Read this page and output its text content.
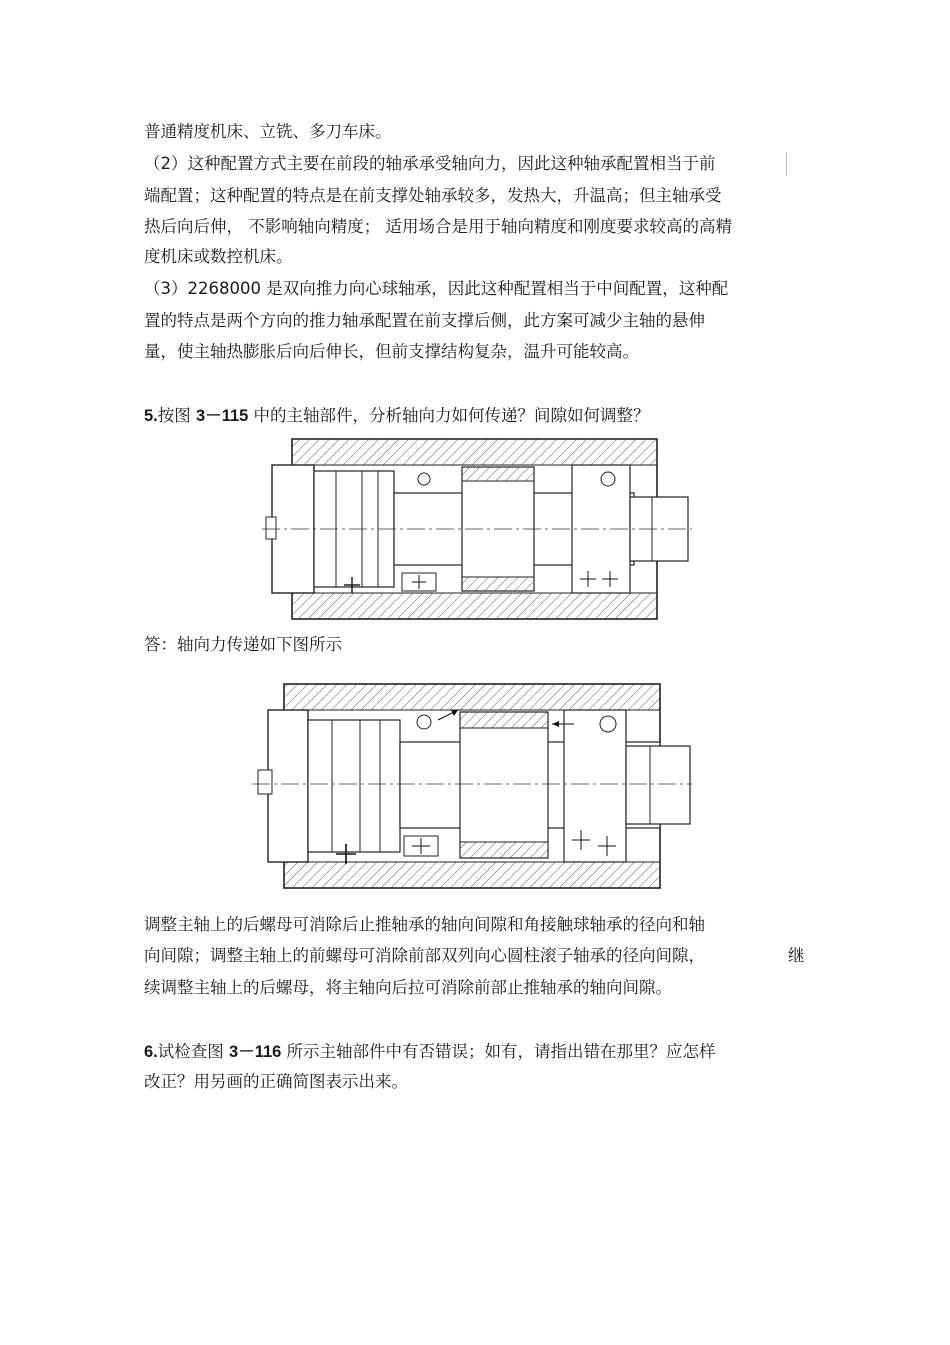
普通精度机床、立铣、多刀车床。
（2）这种配置方式主要在前段的轴承承受轴向力，因此这种轴承配置相当于前
端配置；这种配置的特点是在前支撑处轴承较多，发热大，升温高；但主轴承受
热后向后伸， 不影响轴向精度； 适用场合是用于轴向精度和刚度要求较高的高精
度机床或数控机床。
（3）2268000 是双向推力向心球轴承，因此这种配置相当于中间配置，这种配
置的特点是两个方向的推力轴承配置在前支撑后侧，此方案可减少主轴的悬伸
量，使主轴热膨胀后向后伸长，但前支撑结构复杂，温升可能较高。
5.按图 3－115 中的主轴部件，分析轴向力如何传递？间隙如何调整？
答：轴向力传递如下图所示
调整主轴上的后螺母可消除后止推轴承的轴向间隙和角接触球轴承的径向和轴
向间隙；调整主轴上的前螺母可消除前部双列向心圆柱滚子轴承的径向间隙，	继
续调整主轴上的后螺母，将主轴向后拉可消除前部止推轴承的轴向间隙。
6.试检查图 3－116 所示主轴部件中有否错误；如有，请指出错在那里？应怎样
改正？用另画的正确简图表示出来。
